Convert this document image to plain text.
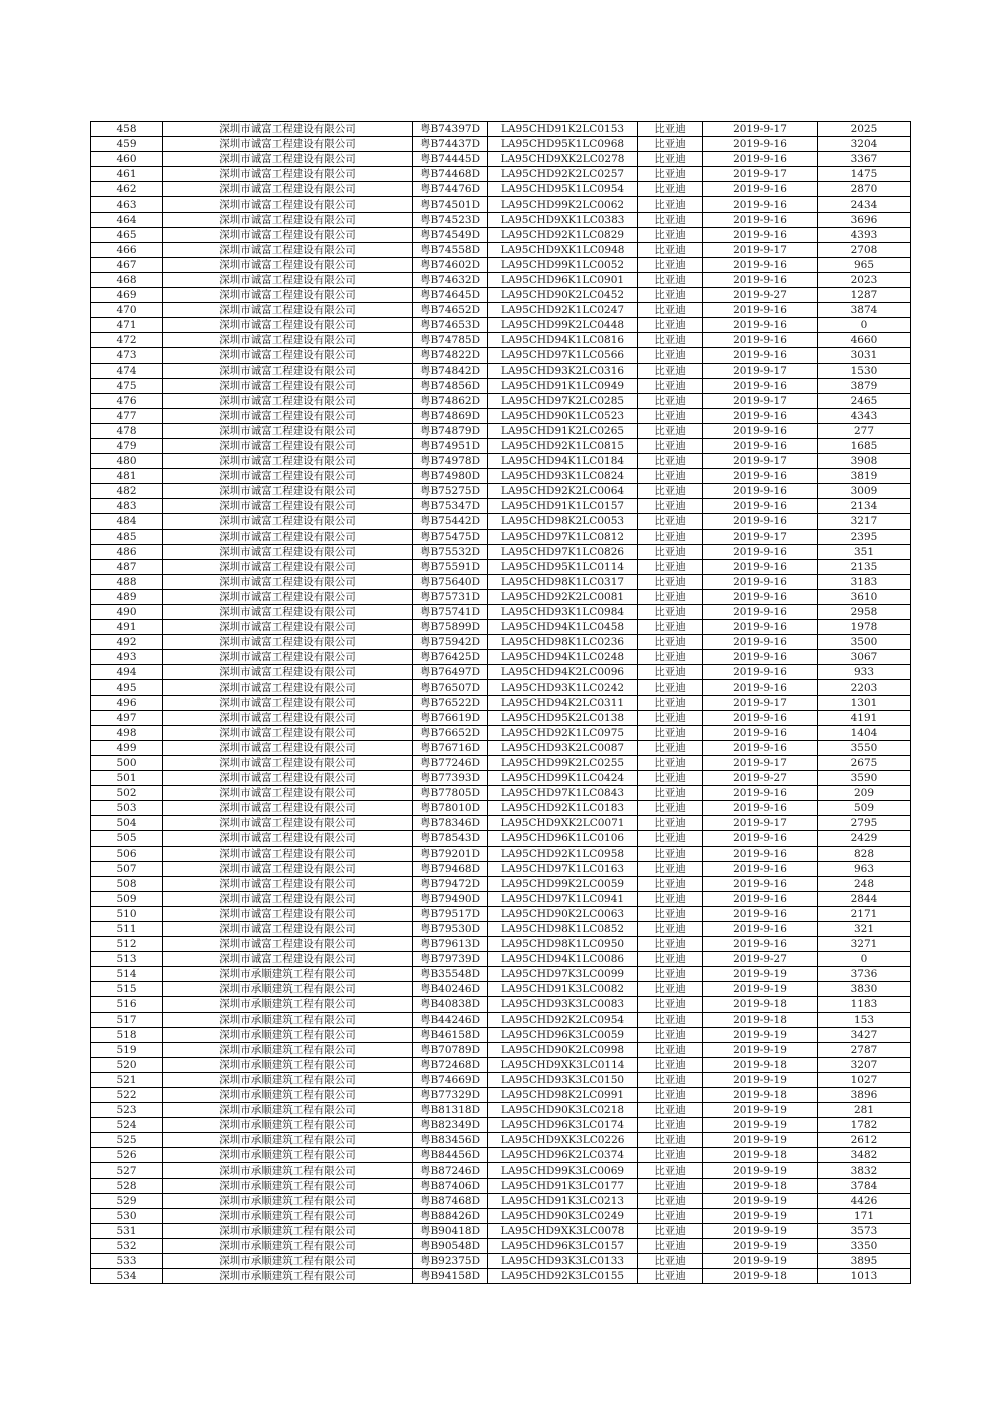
458	深圳市诚富工程建设有限公司	粤B74397D	LA95CHD91K2LC0153	比亚迪	2019-9-17	2025
459	深圳市诚富工程建设有限公司	粤B74437D	LA95CHD95K1LC0968	比亚迪	2019-9-16	3204
460	深圳市诚富工程建设有限公司	粤B74445D	LA95CHD9XK2LC0278	比亚迪	2019-9-16	3367
461	深圳市诚富工程建设有限公司	粤B74468D	LA95CHD92K2LC0257	比亚迪	2019-9-17	1475
462	深圳市诚富工程建设有限公司	粤B74476D	LA95CHD95K1LC0954	比亚迪	2019-9-16	2870
463	深圳市诚富工程建设有限公司	粤B74501D	LA95CHD99K2LC0062	比亚迪	2019-9-16	2434
464	深圳市诚富工程建设有限公司	粤B74523D	LA95CHD9XK1LC0383	比亚迪	2019-9-16	3696
465	深圳市诚富工程建设有限公司	粤B74549D	LA95CHD92K1LC0829	比亚迪	2019-9-16	4393
466	深圳市诚富工程建设有限公司	粤B74558D	LA95CHD9XK1LC0948	比亚迪	2019-9-17	2708
467	深圳市诚富工程建设有限公司	粤B74602D	LA95CHD99K1LC0052	比亚迪	2019-9-16	965
468	深圳市诚富工程建设有限公司	粤B74632D	LA95CHD96K1LC0901	比亚迪	2019-9-16	2023
469	深圳市诚富工程建设有限公司	粤B74645D	LA95CHD90K2LC0452	比亚迪	2019-9-27	1287
470	深圳市诚富工程建设有限公司	粤B74652D	LA95CHD92K1LC0247	比亚迪	2019-9-16	3874
471	深圳市诚富工程建设有限公司	粤B74653D	LA95CHD99K2LC0448	比亚迪	2019-9-16	0
472	深圳市诚富工程建设有限公司	粤B74785D	LA95CHD94K1LC0816	比亚迪	2019-9-16	4660
473	深圳市诚富工程建设有限公司	粤B74822D	LA95CHD97K1LC0566	比亚迪	2019-9-16	3031
474	深圳市诚富工程建设有限公司	粤B74842D	LA95CHD93K2LC0316	比亚迪	2019-9-17	1530
475	深圳市诚富工程建设有限公司	粤B74856D	LA95CHD91K1LC0949	比亚迪	2019-9-16	3879
476	深圳市诚富工程建设有限公司	粤B74862D	LA95CHD97K2LC0285	比亚迪	2019-9-17	2465
477	深圳市诚富工程建设有限公司	粤B74869D	LA95CHD90K1LC0523	比亚迪	2019-9-16	4343
478	深圳市诚富工程建设有限公司	粤B74879D	LA95CHD91K2LC0265	比亚迪	2019-9-16	277
479	深圳市诚富工程建设有限公司	粤B74951D	LA95CHD92K1LC0815	比亚迪	2019-9-16	1685
480	深圳市诚富工程建设有限公司	粤B74978D	LA95CHD94K1LC0184	比亚迪	2019-9-17	3908
481	深圳市诚富工程建设有限公司	粤B74980D	LA95CHD93K1LC0824	比亚迪	2019-9-16	3819
482	深圳市诚富工程建设有限公司	粤B75275D	LA95CHD92K2LC0064	比亚迪	2019-9-16	3009
483	深圳市诚富工程建设有限公司	粤B75347D	LA95CHD91K1LC0157	比亚迪	2019-9-16	2134
484	深圳市诚富工程建设有限公司	粤B75442D	LA95CHD98K2LC0053	比亚迪	2019-9-16	3217
485	深圳市诚富工程建设有限公司	粤B75475D	LA95CHD97K1LC0812	比亚迪	2019-9-17	2395
486	深圳市诚富工程建设有限公司	粤B75532D	LA95CHD97K1LC0826	比亚迪	2019-9-16	351
487	深圳市诚富工程建设有限公司	粤B75591D	LA95CHD95K1LC0114	比亚迪	2019-9-16	2135
488	深圳市诚富工程建设有限公司	粤B75640D	LA95CHD98K1LC0317	比亚迪	2019-9-16	3183
489	深圳市诚富工程建设有限公司	粤B75731D	LA95CHD92K2LC0081	比亚迪	2019-9-16	3610
490	深圳市诚富工程建设有限公司	粤B75741D	LA95CHD93K1LC0984	比亚迪	2019-9-16	2958
491	深圳市诚富工程建设有限公司	粤B75899D	LA95CHD94K1LC0458	比亚迪	2019-9-16	1978
492	深圳市诚富工程建设有限公司	粤B75942D	LA95CHD98K1LC0236	比亚迪	2019-9-16	3500
493	深圳市诚富工程建设有限公司	粤B76425D	LA95CHD94K1LC0248	比亚迪	2019-9-16	3067
494	深圳市诚富工程建设有限公司	粤B76497D	LA95CHD94K2LC0096	比亚迪	2019-9-16	933
495	深圳市诚富工程建设有限公司	粤B76507D	LA95CHD93K1LC0242	比亚迪	2019-9-16	2203
496	深圳市诚富工程建设有限公司	粤B76522D	LA95CHD94K2LC0311	比亚迪	2019-9-17	1301
497	深圳市诚富工程建设有限公司	粤B76619D	LA95CHD95K2LC0138	比亚迪	2019-9-16	4191
498	深圳市诚富工程建设有限公司	粤B76652D	LA95CHD92K1LC0975	比亚迪	2019-9-16	1404
499	深圳市诚富工程建设有限公司	粤B76716D	LA95CHD93K2LC0087	比亚迪	2019-9-16	3550
500	深圳市诚富工程建设有限公司	粤B77246D	LA95CHD99K2LC0255	比亚迪	2019-9-17	2675
501	深圳市诚富工程建设有限公司	粤B77393D	LA95CHD99K1LC0424	比亚迪	2019-9-27	3590
502	深圳市诚富工程建设有限公司	粤B77805D	LA95CHD97K1LC0843	比亚迪	2019-9-16	209
503	深圳市诚富工程建设有限公司	粤B78010D	LA95CHD92K1LC0183	比亚迪	2019-9-16	509
504	深圳市诚富工程建设有限公司	粤B78346D	LA95CHD9XK2LC0071	比亚迪	2019-9-17	2795
505	深圳市诚富工程建设有限公司	粤B78543D	LA95CHD96K1LC0106	比亚迪	2019-9-16	2429
506	深圳市诚富工程建设有限公司	粤B79201D	LA95CHD92K1LC0958	比亚迪	2019-9-16	828
507	深圳市诚富工程建设有限公司	粤B79468D	LA95CHD97K1LC0163	比亚迪	2019-9-16	963
508	深圳市诚富工程建设有限公司	粤B79472D	LA95CHD99K2LC0059	比亚迪	2019-9-16	248
509	深圳市诚富工程建设有限公司	粤B79490D	LA95CHD97K1LC0941	比亚迪	2019-9-16	2844
510	深圳市诚富工程建设有限公司	粤B79517D	LA95CHD90K2LC0063	比亚迪	2019-9-16	2171
511	深圳市诚富工程建设有限公司	粤B79530D	LA95CHD98K1LC0852	比亚迪	2019-9-16	321
512	深圳市诚富工程建设有限公司	粤B79613D	LA95CHD98K1LC0950	比亚迪	2019-9-16	3271
513	深圳市诚富工程建设有限公司	粤B79739D	LA95CHD94K1LC0086	比亚迪	2019-9-27	0
514	深圳市承顺建筑工程有限公司	粤B35548D	LA95CHD97K3LC0099	比亚迪	2019-9-19	3736
515	深圳市承顺建筑工程有限公司	粤B40246D	LA95CHD91K3LC0082	比亚迪	2019-9-19	3830
516	深圳市承顺建筑工程有限公司	粤B40838D	LA95CHD93K3LC0083	比亚迪	2019-9-18	1183
517	深圳市承顺建筑工程有限公司	粤B44246D	LA95CHD92K2LC0954	比亚迪	2019-9-18	153
518	深圳市承顺建筑工程有限公司	粤B46158D	LA95CHD96K3LC0059	比亚迪	2019-9-19	3427
519	深圳市承顺建筑工程有限公司	粤B70789D	LA95CHD90K2LC0998	比亚迪	2019-9-19	2787
520	深圳市承顺建筑工程有限公司	粤B72468D	LA95CHD9XK3LC0114	比亚迪	2019-9-18	3207
521	深圳市承顺建筑工程有限公司	粤B74669D	LA95CHD93K3LC0150	比亚迪	2019-9-19	1027
522	深圳市承顺建筑工程有限公司	粤B77329D	LA95CHD98K2LC0991	比亚迪	2019-9-18	3896
523	深圳市承顺建筑工程有限公司	粤B81318D	LA95CHD90K3LC0218	比亚迪	2019-9-19	281
524	深圳市承顺建筑工程有限公司	粤B82349D	LA95CHD96K3LC0174	比亚迪	2019-9-19	1782
525	深圳市承顺建筑工程有限公司	粤B83456D	LA95CHD9XK3LC0226	比亚迪	2019-9-19	2612
526	深圳市承顺建筑工程有限公司	粤B84456D	LA95CHD96K2LC0374	比亚迪	2019-9-18	3482
527	深圳市承顺建筑工程有限公司	粤B87246D	LA95CHD99K3LC0069	比亚迪	2019-9-19	3832
528	深圳市承顺建筑工程有限公司	粤B87406D	LA95CHD91K3LC0177	比亚迪	2019-9-18	3784
529	深圳市承顺建筑工程有限公司	粤B87468D	LA95CHD91K3LC0213	比亚迪	2019-9-19	4426
530	深圳市承顺建筑工程有限公司	粤B88426D	LA95CHD90K3LC0249	比亚迪	2019-9-19	171
531	深圳市承顺建筑工程有限公司	粤B90418D	LA95CHD9XK3LC0078	比亚迪	2019-9-19	3573
532	深圳市承顺建筑工程有限公司	粤B90548D	LA95CHD96K3LC0157	比亚迪	2019-9-19	3350
533	深圳市承顺建筑工程有限公司	粤B92375D	LA95CHD93K3LC0133	比亚迪	2019-9-19	3895
534	深圳市承顺建筑工程有限公司	粤B94158D	LA95CHD92K3LC0155	比亚迪	2019-9-18	1013
